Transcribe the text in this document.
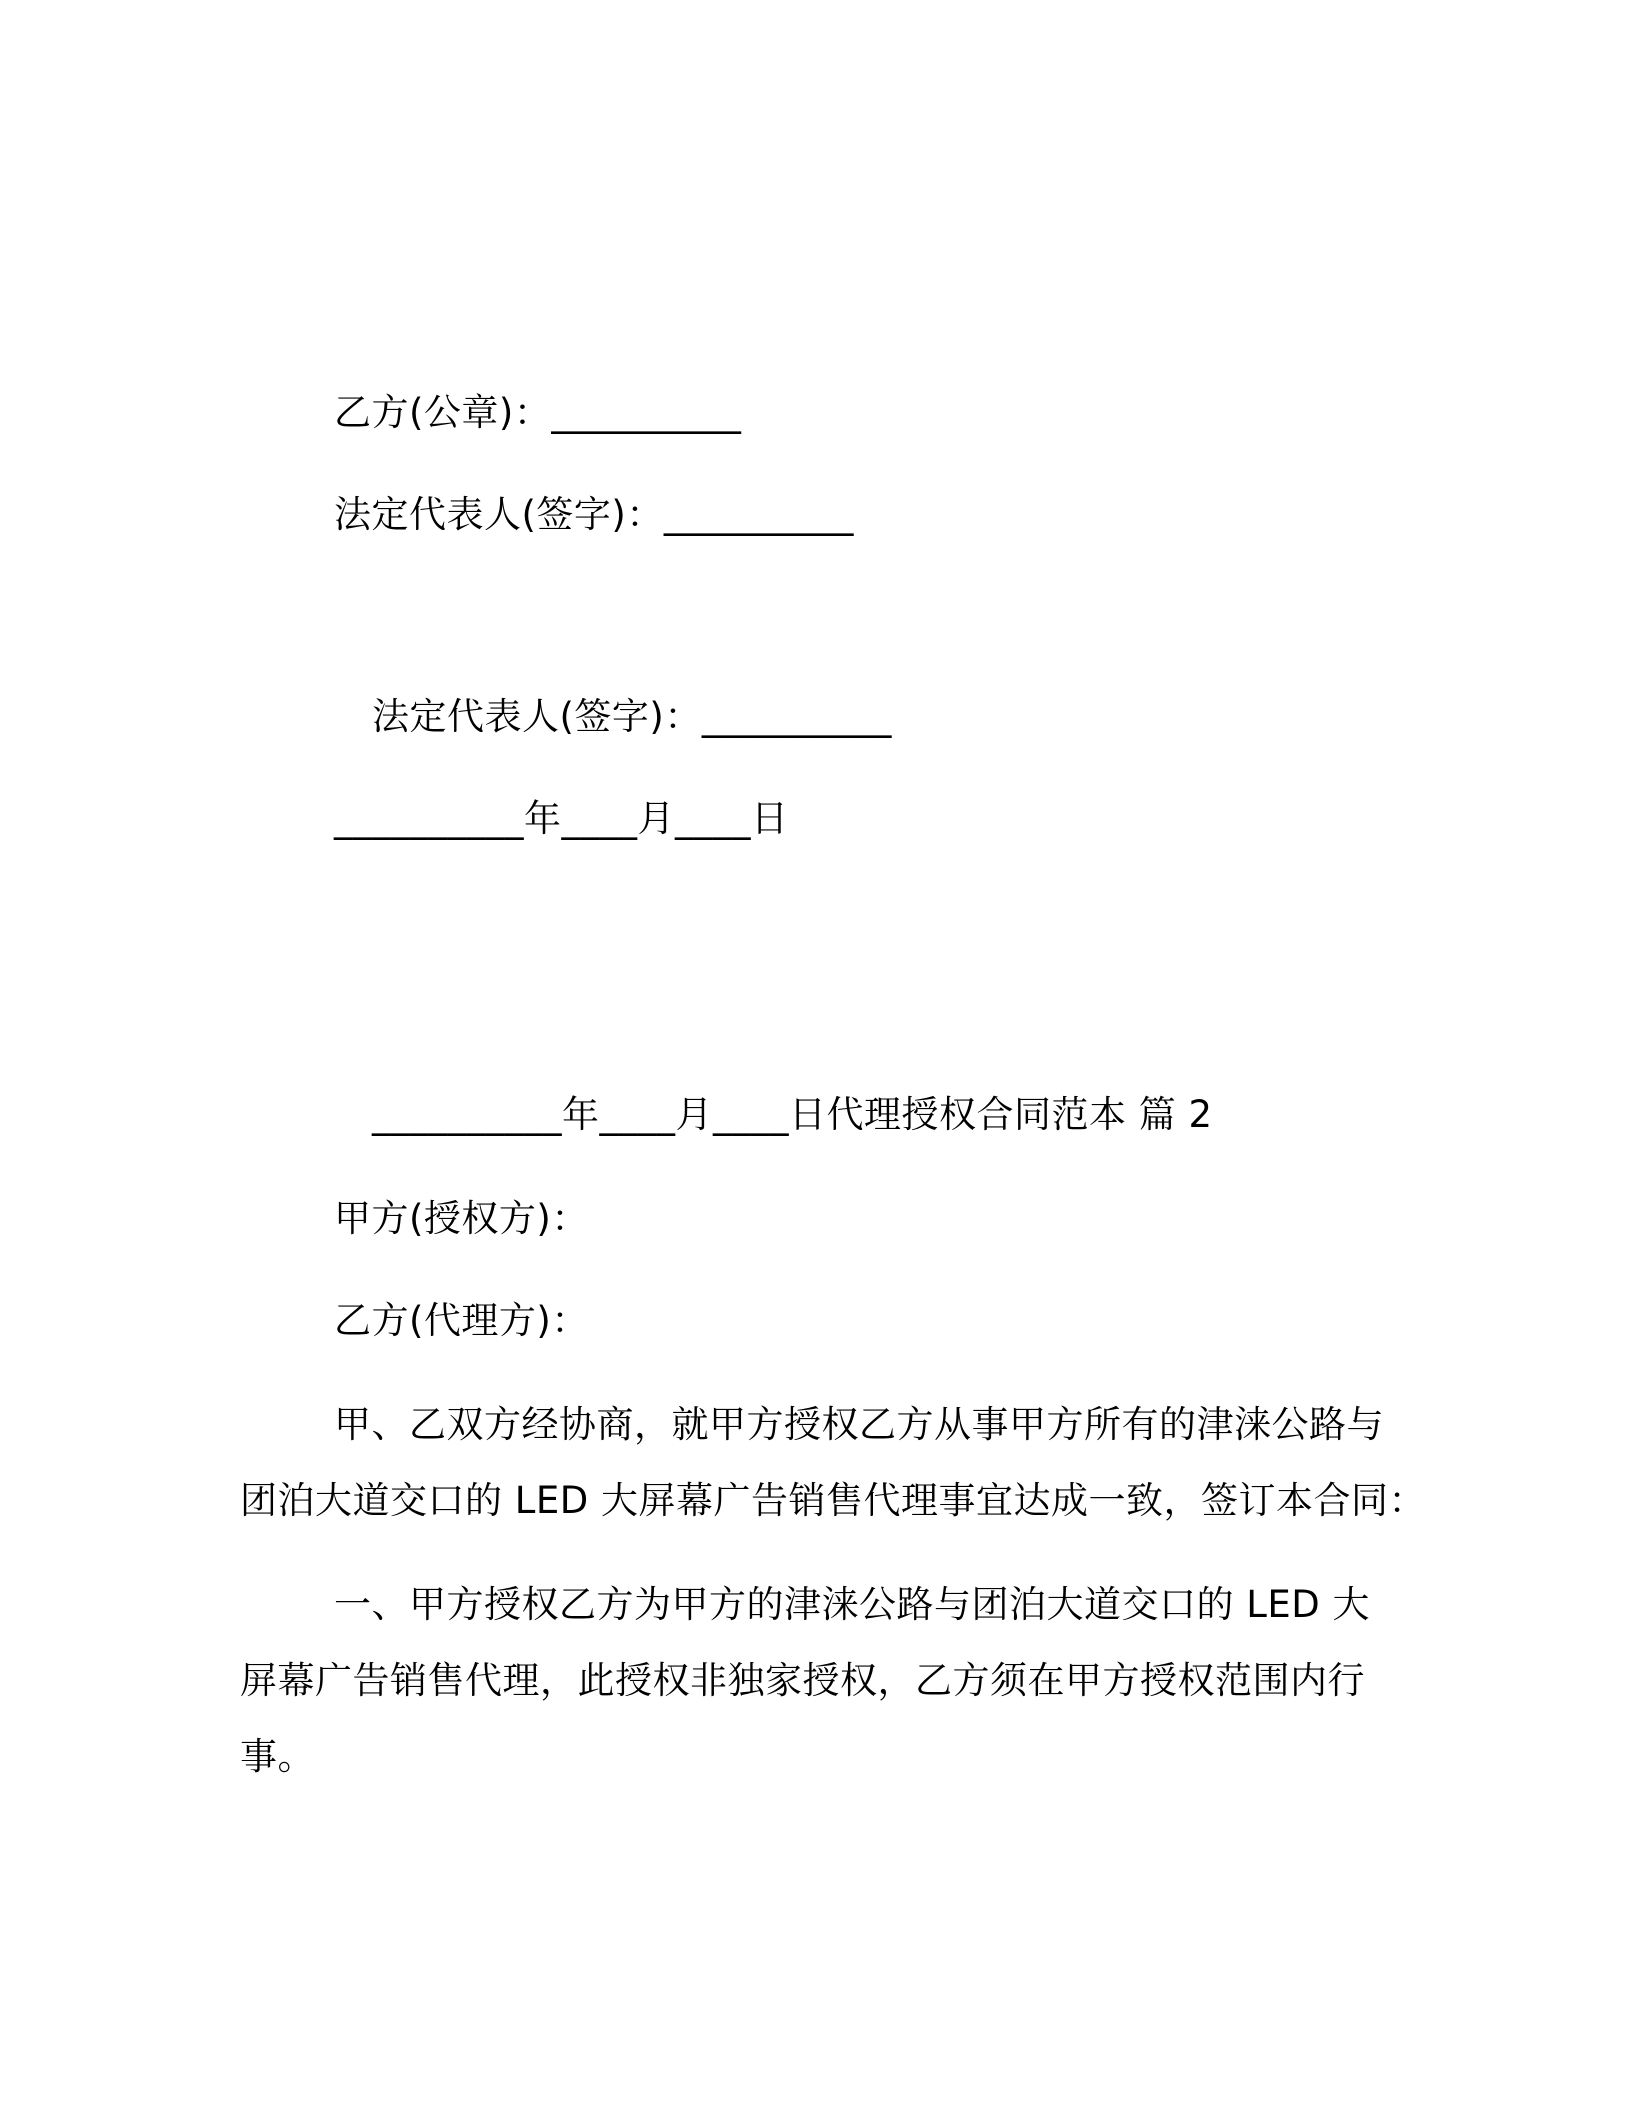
乙方(公章)：__________
法定代表人(签字)：__________
法定代表人(签字)：__________
__________年____月____日
__________年____月____日代理授权合同范本 篇 2
甲方(授权方)：
乙方(代理方)：
甲、乙双方经协商，就甲方授权乙方从事甲方所有的津涞公路与
团泊大道交口的 LED 大屏幕广告销售代理事宜达成一致，签订本合同：
一、甲方授权乙方为甲方的津涞公路与团泊大道交口的 LED 大
屏幕广告销售代理，此授权非独家授权，乙方须在甲方授权范围内行
事。
